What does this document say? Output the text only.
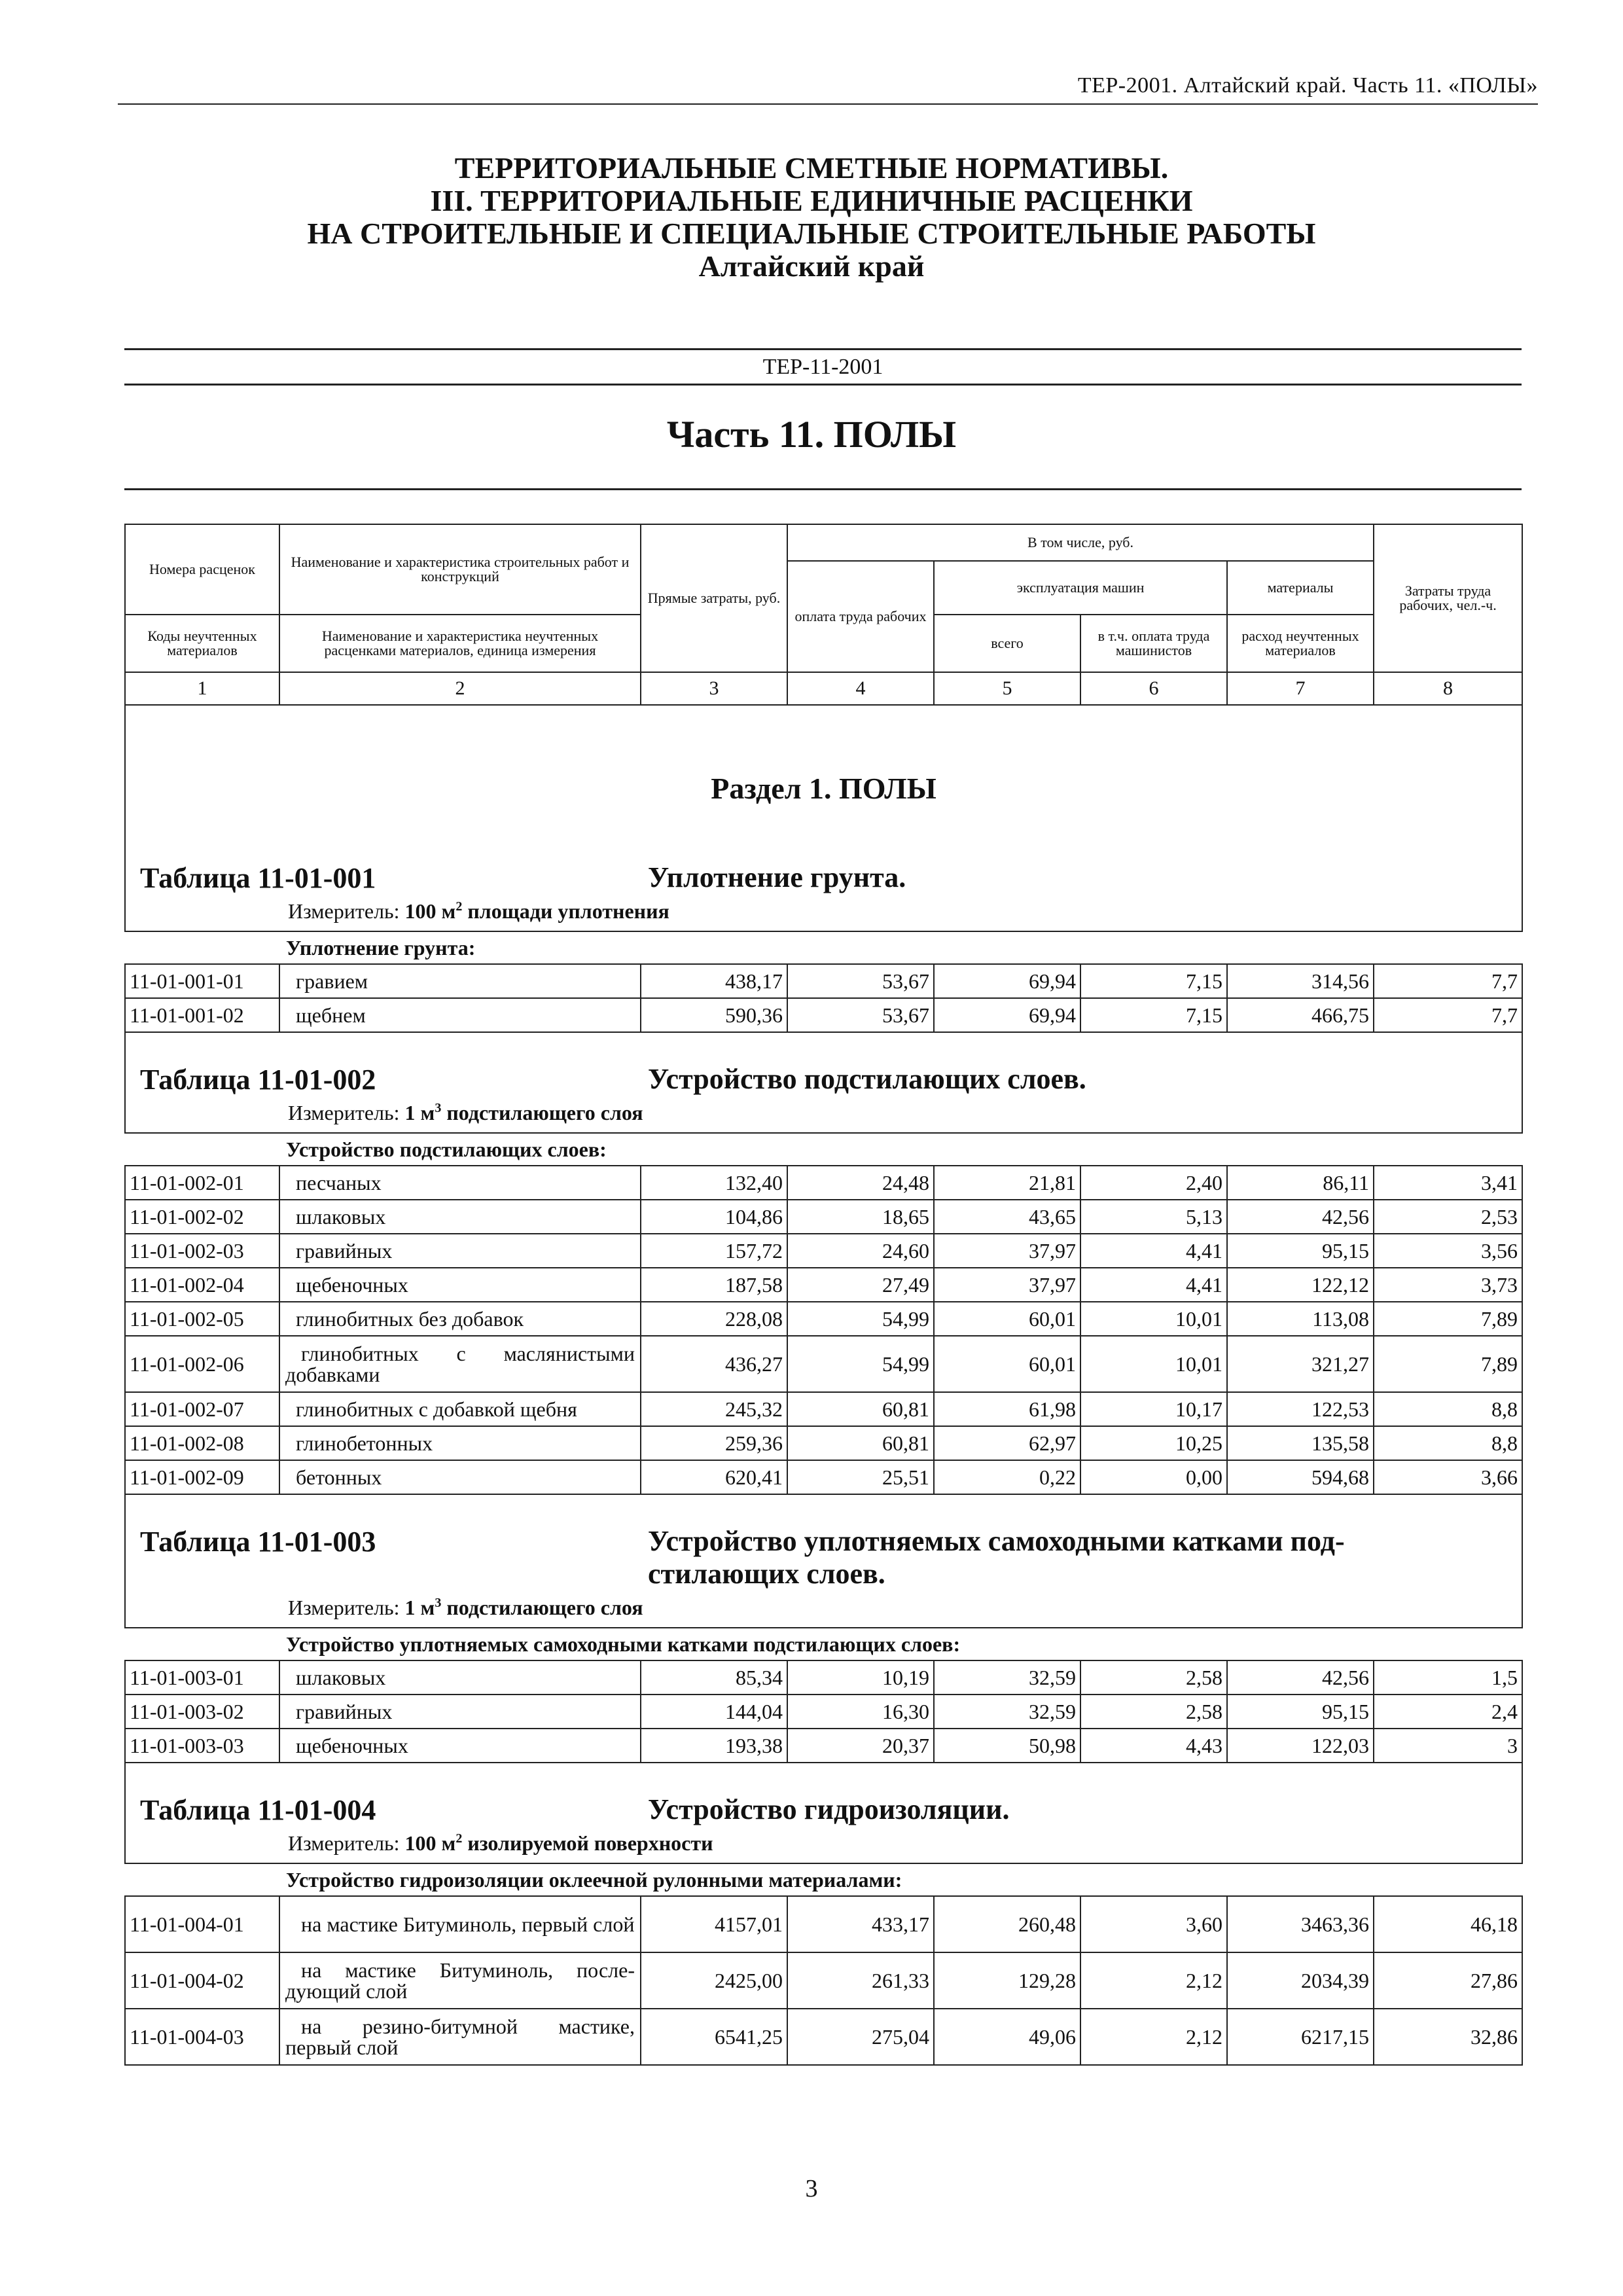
ТЕР-2001. Алтайский край. Часть 11. «ПОЛЫ»
ТЕРРИТОРИАЛЬНЫЕ СМЕТНЫЕ НОРМАТИВЫ.
III. ТЕРРИТОРИАЛЬНЫЕ ЕДИНИЧНЫЕ РАСЦЕНКИ
НА СТРОИТЕЛЬНЫЕ И СПЕЦИАЛЬНЫЕ СТРОИТЕЛЬНЫЕ РАБОТЫ
Алтайский край
ТЕР-11-2001
Часть 11. ПОЛЫ
Номера расценок	Наименование и характеристика строительных работ и конструкций	Прямые затраты, руб.	В том числе, руб.				Затраты труда рабочих, чел.-ч.
			оплата труда рабочих	эксплуатация машин		материалы	
Коды неучтенных материалов	Наименование и характеристика неучтенных расценками материалов, единица измерения			всего	в т.ч. оплата труда машинистов	расход неучтенных материалов	
1	2	3	4	5	6	7	8

Раздел 1. ПОЛЫ							

Таблица 11-01-001 Уплотнение грунта.
Измеритель: 100 $м^2$ площади уплотнения							

Уплотнение грунта:							
11-01-001-01	гравием	438,17	53,67	69,94	7,15	314,56	7,7
11-01-001-02	щебнем	590,36	53,67	69,94	7,15	466,75	7,7

Таблица 11-01-002 Устройство подстилающих слоев.
Измеритель: 1 $м^3$ подстилающего слоя							

Устройство подстилающих слоев:							
11-01-002-01	песчаных	132,40	24,48	21,81	2,40	86,11	3,41
11-01-002-02	шлаковых	104,86	18,65	43,65	5,13	42,56	2,53
11-01-002-03	гравийных	157,72	24,60	37,97	4,41	95,15	3,56
11-01-002-04	щебеночных	187,58	27,49	37,97	4,41	122,12	3,73
11-01-002-05	глинобитных без добавок	228,08	54,99	60,01	10,01	113,08	7,89
11-01-002-06	глинобитных с маслянистыми добавками	436,27	54,99	60,01	10,01	321,27	7,89
11-01-002-07	глинобитных с добавкой щебня	245,32	60,81	61,98	10,17	122,53	8,8
11-01-002-08	глинобетонных	259,36	60,81	62,97	10,25	135,58	8,8
11-01-002-09	бетонных	620,41	25,51	0,22	0,00	594,68	3,66

Таблица 11-01-003 Устройство уплотняемых самоходными катками под-стилающих слоев.
Измеритель: 1 $м^3$ подстилающего слоя							

Устройство уплотняемых самоходными катками подстилающих слоев:							
11-01-003-01	шлаковых	85,34	10,19	32,59	2,58	42,56	1,5
11-01-003-02	гравийных	144,04	16,30	32,59	2,58	95,15	2,4
11-01-003-03	щебеночных	193,38	20,37	50,98	4,43	122,03	3

Таблица 11-01-004 Устройство гидроизоляции.
Измеритель: 100 $м^2$ изолируемой поверхности							

Устройство гидроизоляции оклеечной рулонными материалами:							
11-01-004-01	на мастике Битуминоль, первый слой	4157,01	433,17	260,48	3,60	3463,36	46,18
11-01-004-02	на мастике Битуминоль, после-дующий слой	2425,00	261,33	129,28	2,12	2034,39	27,86
11-01-004-03	на резино-битумной мастике, первый слой	6541,25	275,04	49,06	2,12	6217,15	32,86
3
